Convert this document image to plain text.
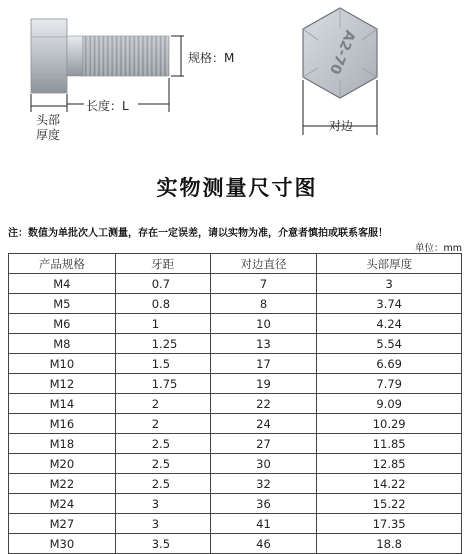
A2-70
规格：M
长度：L
头部
厚度
对边
实物测量尺寸图
注：数值为单批次人工测量，存在一定误差，请以实物为准，介意者慎拍或联系客服！
单位：mm
产品规格	牙距	对边直径	头部厚度
M4	0.7	7	3
M5	0.8	8	3.74
M6	1	10	4.24
M8	1.25	13	5.54
M10	1.5	17	6.69
M12	1.75	19	7.79
M14	2	22	9.09
M16	2	24	10.29
M18	2.5	27	11.85
M20	2.5	30	12.85
M22	2.5	32	14.22
M24	3	36	15.22
M27	3	41	17.35
M30	3.5	46	18.8
